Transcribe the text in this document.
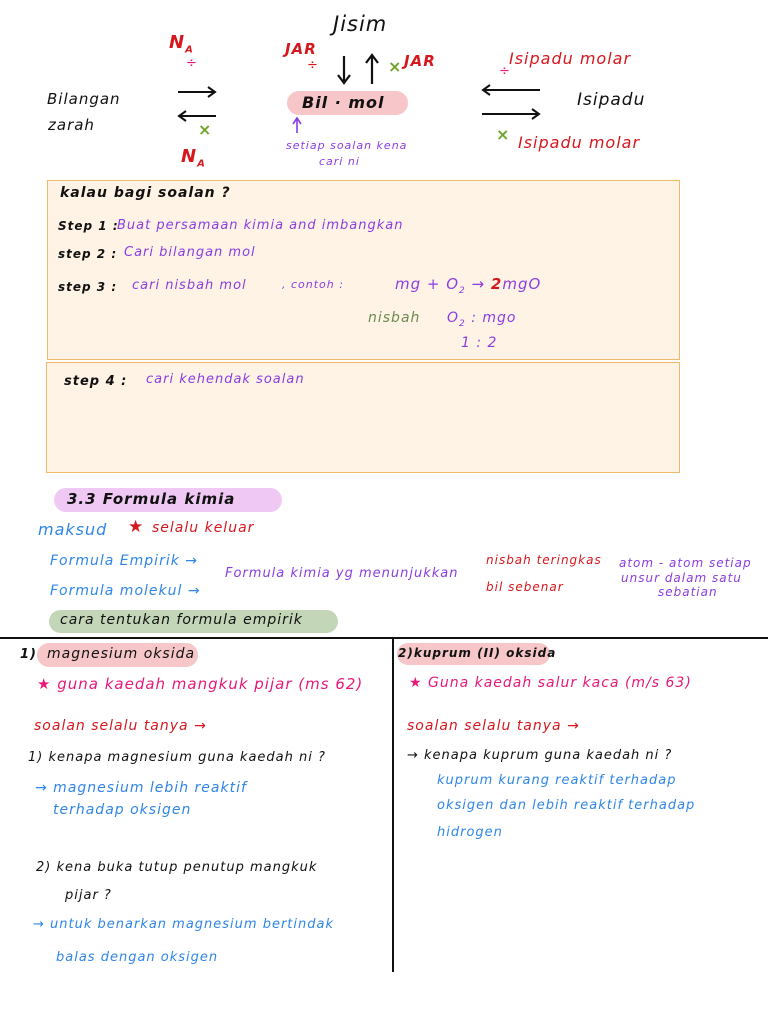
Jisim
JAR
÷	JAR
×
Bil · mol
setiap soalan kena
cari ni
$N_A$
÷
Bilangan
zarah	×
$N_A$
Isipadu molar
÷
Isipadu
× Isipadu molar
kalau bagi soalan ?
Step 1 :
Buat persamaan kimia and imbangkan
step 2 : Cari bilangan mol
step 3 : cari nisbah mol	, contoh :	mg + $O_2 \to 2mgO$
nisbah $O_2$ : mgo
1 : 2
step 4 : cari kehendak soalan
3.3 Formula kimia
maksud ★ selalu keluar
Formula Empirik →
Formula molekul →
Formula kimia yg menunjukkan
nisbah teringkas
bil sebenar
atom - atom setiap
unsur dalam satu
sebatian
cara tentukan formula empirik
1) magnesium oksida
★ guna kaedah mangkuk pijar (ms 62)
soalan selalu tanya →
1) kenapa magnesium guna kaedah ni ?
→ magnesium lebih reaktif
terhadap oksigen
2) kena buka tutup penutup mangkuk
pijar ?
→ untuk benarkan magnesium bertindak
balas dengan oksigen
2)kuprum (II) oksida
★ Guna kaedah salur kaca (m/s 63)
soalan selalu tanya →
→ kenapa kuprum guna kaedah ni ?
kuprum kurang reaktif terhadap
oksigen dan lebih reaktif terhadap
hidrogen
